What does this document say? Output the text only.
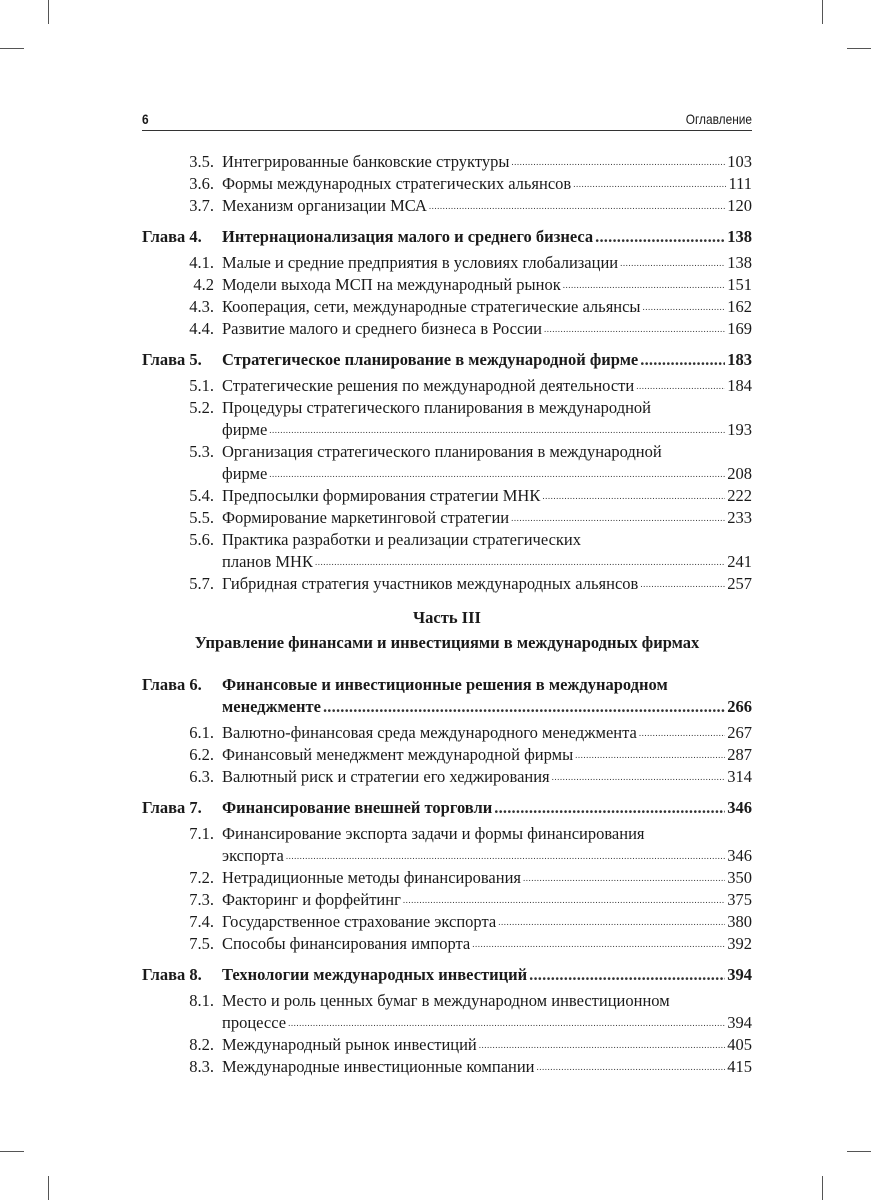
6	Оглавление
3.5. Интегрированные банковские структуры .....	103
3.6. Формы международных стратегических альянсов .....	111
3.7. Механизм организации МСА .....	120
Глава 4. Интернационализация малого и среднего бизнеса .....	138
4.1. Малые и средние предприятия в условиях глобализации .....	138
4.2 Модели выхода МСП на международный рынок .....	151
4.3. Кооперация, сети, международные стратегические альянсы .....	162
4.4. Развитие малого и среднего бизнеса в России .....	169
Глава 5. Стратегическое планирование в международной фирме .....	183
5.1. Стратегические решения по международной деятельности .....	184
5.2. Процедуры стратегического планирования в международной
фирме .....	193
5.3. Организация стратегического планирования в международной
фирме .....	208
5.4. Предпосылки формирования стратегии МНК .....	222
5.5. Формирование маркетинговой стратегии .....	233
5.6. Практика разработки и реализации стратегических
планов МНК .....	241
5.7. Гибридная стратегия участников международных альянсов .....	257
Часть III
Управление финансами и инвестициями в международных фирмах
Глава 6. Финансовые и инвестиционные решения в международном
менеджменте .....	266
6.1. Валютно-финансовая среда международного менеджмента .....	267
6.2. Финансовый менеджмент международной фирмы .....	287
6.3. Валютный риск и стратегии его хеджирования .....	314
Глава 7. Финансирование внешней торговли .....	346
7.1. Финансирование экспорта задачи и формы финансирования
экспорта .....	346
7.2. Нетрадиционные методы финансирования .....	350
7.3. Факторинг и форфейтинг .....	375
7.4. Государственное страхование экспорта .....	380
7.5. Способы финансирования импорта .....	392
Глава 8. Технологии международных инвестиций .....	394
8.1. Место и роль ценных бумаг в международном инвестиционном
процессе .....	394
8.2. Международный рынок инвестиций .....	405
8.3. Международные инвестиционные компании .....	415
